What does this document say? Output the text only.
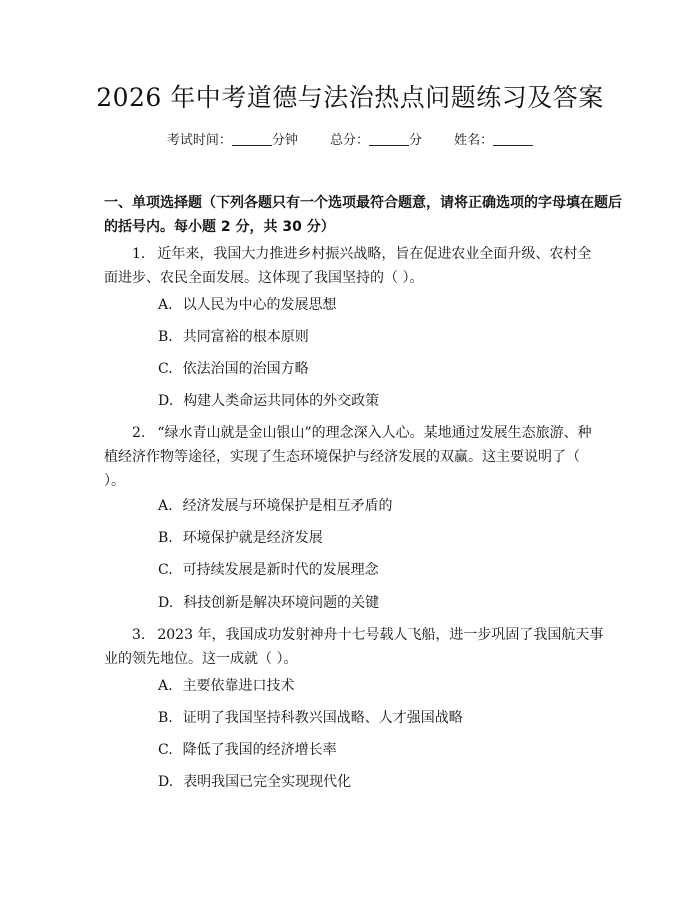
2026 年中考道德与法治热点问题练习及答案
考试时间：	分钟 总分：	分 姓名：
一、单项选择题（下列各题只有一个选项最符合题意，请将正确选项的字母填在题后的括号内。每小题 2 分，共 30 分）
1. 近年来，我国大力推进乡村振兴战略，旨在促进农业全面升级、农村全面进步、农民全面发展。这体现了我国坚持的（ ）。
A. 以人民为中心的发展思想
B. 共同富裕的根本原则
C. 依法治国的治国方略
D. 构建人类命运共同体的外交政策
2. “绿水青山就是金山银山”的理念深入人心。某地通过发展生态旅游、种植经济作物等途径，实现了生态环境保护与经济发展的双赢。这主要说明了（ ）。
A. 经济发展与环境保护是相互矛盾的
B. 环境保护就是经济发展
C. 可持续发展是新时代的发展理念
D. 科技创新是解决环境问题的关键
3. 2023 年，我国成功发射神舟十七号载人飞船，进一步巩固了我国航天事业的领先地位。这一成就（ ）。
A. 主要依靠进口技术
B. 证明了我国坚持科教兴国战略、人才强国战略
C. 降低了我国的经济增长率
D. 表明我国已完全实现现代化
